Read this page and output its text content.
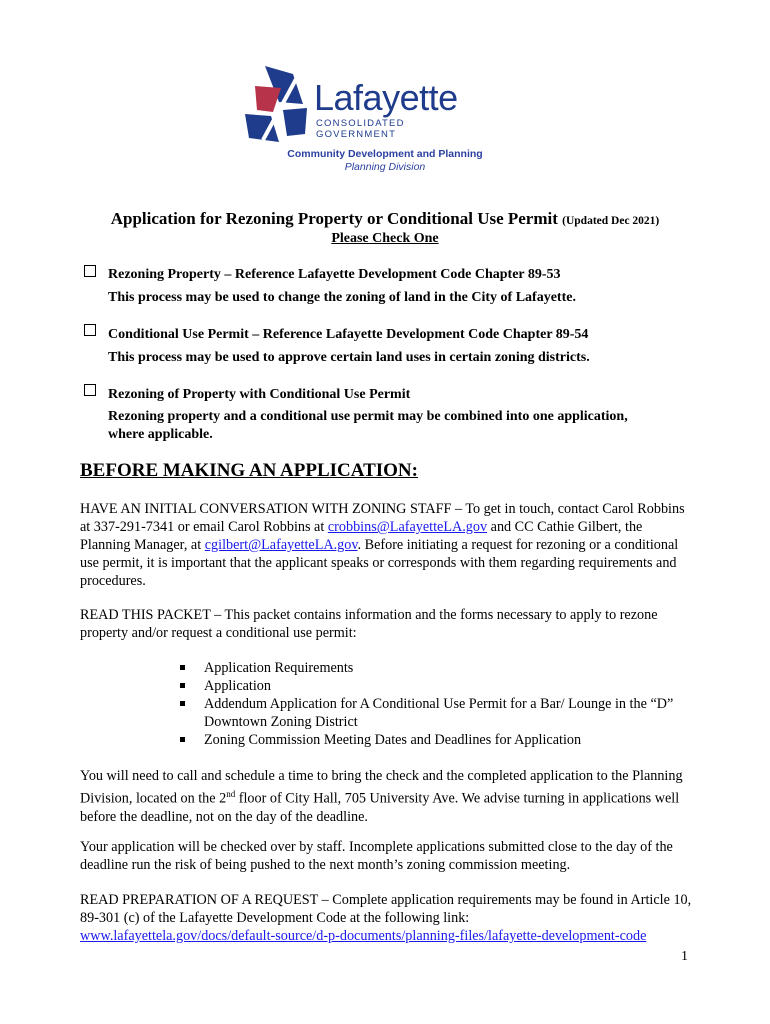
Lafayette
CONSOLIDATED GOVERNMENT
Community Development and Planning
Planning Division
Application for Rezoning Property or Conditional Use Permit (Updated Dec 2021)
Please Check One
Rezoning Property – Reference Lafayette Development Code Chapter 89-53
This process may be used to change the zoning of land in the City of Lafayette.
Conditional Use Permit – Reference Lafayette Development Code Chapter 89-54
This process may be used to approve certain land uses in certain zoning districts.
Rezoning of Property with Conditional Use Permit
Rezoning property and a conditional use permit may be combined into one application,
where applicable.
BEFORE MAKING AN APPLICATION:
HAVE AN INITIAL CONVERSATION WITH ZONING STAFF – To get in touch, contact Carol Robbins at 337-291-7341 or email Carol Robbins at crobbins@LafayetteLA.gov and CC Cathie Gilbert, the Planning Manager, at cgilbert@LafayetteLA.gov. Before initiating a request for rezoning or a conditional use permit, it is important that the applicant speaks or corresponds with them regarding requirements and procedures.
READ THIS PACKET – This packet contains information and the forms necessary to apply to rezone property and/or request a conditional use permit:
Application Requirements
Application
Addendum Application for A Conditional Use Permit for a Bar/ Lounge in the “D” Downtown Zoning District
Zoning Commission Meeting Dates and Deadlines for Application
You will need to call and schedule a time to bring the check and the completed application to the Planning Division, located on the 2nd floor of City Hall, 705 University Ave. We advise turning in applications well before the deadline, not on the day of the deadline.
Your application will be checked over by staff. Incomplete applications submitted close to the day of the deadline run the risk of being pushed to the next month’s zoning commission meeting.
READ PREPARATION OF A REQUEST – Complete application requirements may be found in Article 10, 89-301 (c) of the Lafayette Development Code at the following link: www.lafayettela.gov/docs/default-source/d-p-documents/planning-files/lafayette-development-code
1
